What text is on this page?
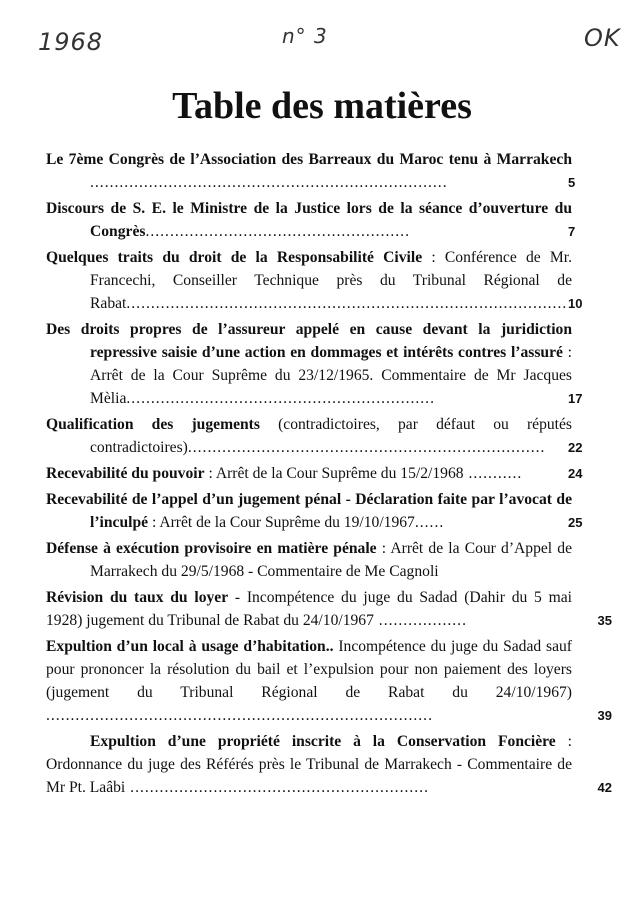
1968	n° 3	OK
Table des matières
Le 7ème Congrès de l’Association des Barreaux du Maroc tenu à Marrakech .........................................................................	5
Discours de S. E. le Ministre de la Justice lors de la séance d’ouverture du Congrès......................................................	7
Quelques traits du droit de la Responsabilité Civile : Conférence de Mr. Francechi, Conseiller Technique près du Tribunal Régional de Rabat.......................................................................................... 10
Des droits propres de l’assureur appelé en cause devant la juridiction repressive saisie d’une action en dommages et intérêts contres l’assuré : Arrêt de la Cour Suprême du 23/12/1965. Commentaire de Mr Jacques Mèlia...............................................................	17
Qualification des jugements (contradictoires, par défaut ou réputés contradictoires)......................................................................... 22
Recevabilité du pouvoir : Arrêt de la Cour Suprême du 15/2/1968 ...........	24
Recevabilité de l’appel d’un jugement pénal - Déclaration faite par l’avocat de l’inculpé : Arrêt de la Cour Suprême du 19/10/1967......	25
Défense à exécution provisoire en matière pénale : Arrêt de la Cour d’Appel de Marrakech du 29/5/1968 - Commentaire de Me Cagnoli
Révision du taux du loyer - Incompétence du juge du Sadad (Dahir du 5 mai 1928) jugement du Tribunal de Rabat du 24/10/1967 ..................	35
Expultion d’un local à usage d’habitation.. Incompétence du juge du Sadad sauf pour prononcer la résolution du bail et l’expulsion pour non paiement des loyers (jugement du Tribunal Régional de Rabat du 24/10/1967) ...............................................................................	39
Expultion d’une propriété inscrite à la Conservation Foncière : Ordonnance du juge des Référés près le Tribunal de Marrakech - Commentaire de Mr Pt. Laâbi .............................................................	42
